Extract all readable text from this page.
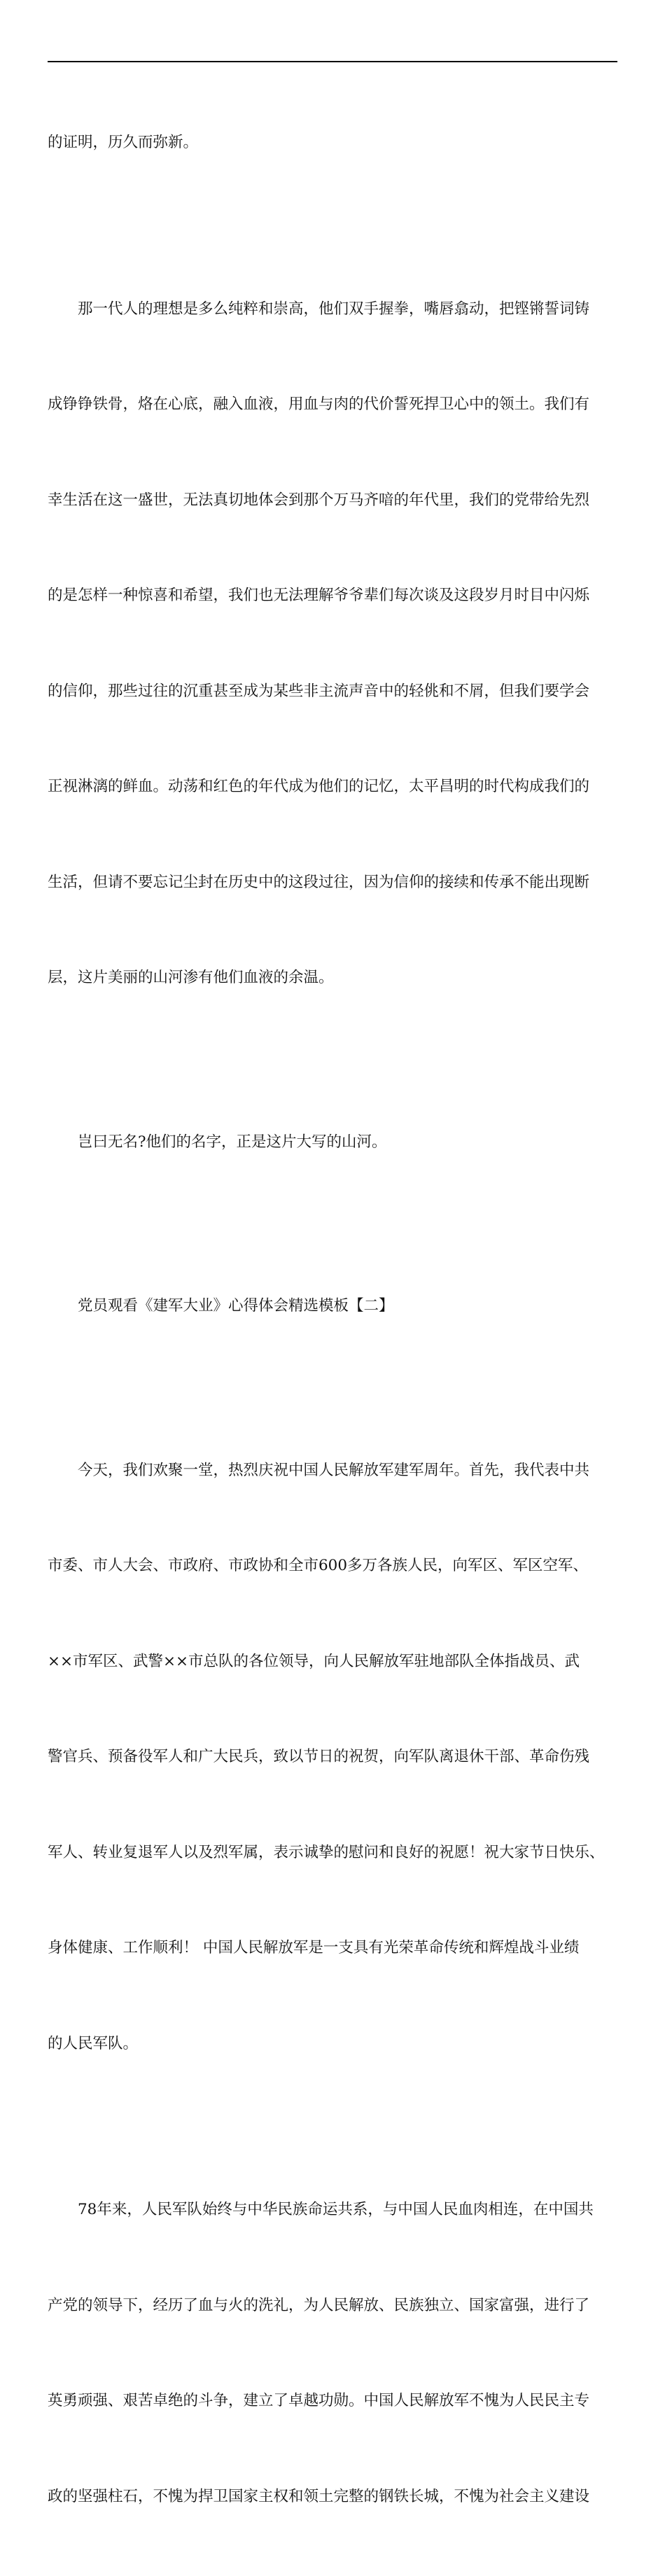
的证明，历久而弥新。

那一代人的理想是多么纯粹和崇高，他们双手握拳，嘴唇翕动，把铿锵誓词铸

成铮铮铁骨，烙在心底，融入血液，用血与肉的代价誓死捍卫心中的领土。我们有

幸生活在这一盛世，无法真切地体会到那个万马齐喑的年代里，我们的党带给先烈

的是怎样一种惊喜和希望，我们也无法理解爷爷辈们每次谈及这段岁月时目中闪烁

的信仰，那些过往的沉重甚至成为某些非主流声音中的轻佻和不屑，但我们要学会

正视淋漓的鲜血。动荡和红色的年代成为他们的记忆，太平昌明的时代构成我们的

生活，但请不要忘记尘封在历史中的这段过往，因为信仰的接续和传承不能出现断

层，这片美丽的山河渗有他们血液的余温。

岂曰无名?他们的名字，正是这片大写的山河。

党员观看《建军大业》心得体会精选模板【二】

今天，我们欢聚一堂，热烈庆祝中国人民解放军建军周年。首先，我代表中共

市委、市人大会、市政府、市政协和全市600多万各族人民，向军区、军区空军、

××市军区、武警××市总队的各位领导，向人民解放军驻地部队全体指战员、武

警官兵、预备役军人和广大民兵，致以节日的祝贺，向军队离退休干部、革命伤残

军人、转业复退军人以及烈军属，表示诚挚的慰问和良好的祝愿！祝大家节日快乐、

身体健康、工作顺利！ 中国人民解放军是一支具有光荣革命传统和辉煌战斗业绩

的人民军队。

78年来，人民军队始终与中华民族命运共系，与中国人民血肉相连，在中国共

产党的领导下，经历了血与火的洗礼，为人民解放、民族独立、国家富强，进行了

英勇顽强、艰苦卓绝的斗争，建立了卓越功勋。中国人民解放军不愧为人民民主专

政的坚强柱石，不愧为捍卫国家主权和领土完整的钢铁长城，不愧为社会主义建设
